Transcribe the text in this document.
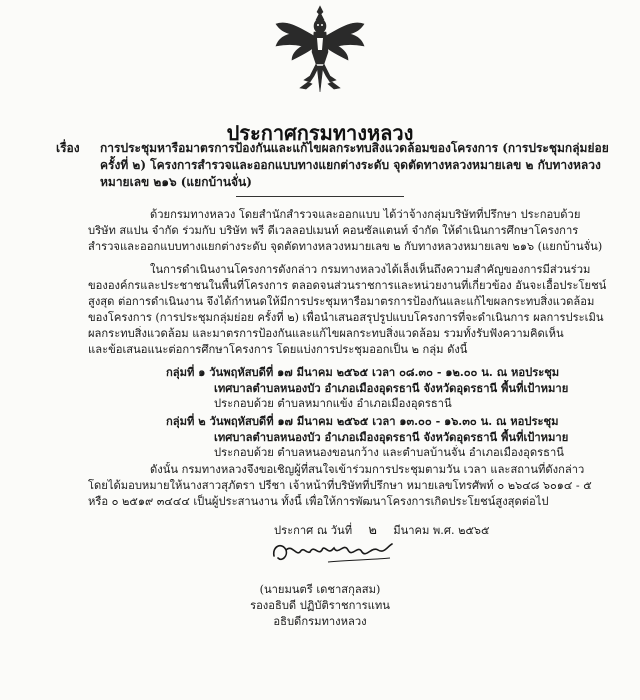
ประกาศกรมทางหลวง
เรื่อง การประชุมหารือมาตรการป้องกันและแก้ไขผลกระทบสิ่งแวดล้อมของโครงการ (การประชุมกลุ่มย่อย
ครั้งที่ ๒) โครงการสำรวจและออกแบบทางแยกต่างระดับ จุดตัดทางหลวงหมายเลข ๒ กับทางหลวง
หมายเลข ๒๑๖ (แยกบ้านจั่น)
ด้วยกรมทางหลวง โดยสำนักสำรวจและออกแบบ ได้ว่าจ้างกลุ่มบริษัทที่ปรึกษา ประกอบด้วย
บริษัท สแปน จำกัด ร่วมกับ บริษัท พรี ดีเวลลอปเมนท์ คอนซัลแตนท์ จำกัด ให้ดำเนินการศึกษาโครงการ
สำรวจและออกแบบทางแยกต่างระดับ จุดตัดทางหลวงหมายเลข ๒ กับทางหลวงหมายเลข ๒๑๖ (แยกบ้านจั่น)
ในการดำเนินงานโครงการดังกล่าว กรมทางหลวงได้เล็งเห็นถึงความสำคัญของการมีส่วนร่วม
ขององค์กรและประชาชนในพื้นที่โครงการ ตลอดจนส่วนราชการและหน่วยงานที่เกี่ยวข้อง อันจะเอื้อประโยชน์
สูงสุด ต่อการดำเนินงาน จึงได้กำหนดให้มีการประชุมหารือมาตรการป้องกันและแก้ไขผลกระทบสิ่งแวดล้อม
ของโครงการ (การประชุมกลุ่มย่อย ครั้งที่ ๒) เพื่อนำเสนอสรุปรูปแบบโครงการที่จะดำเนินการ ผลการประเมิน
ผลกระทบสิ่งแวดล้อม และมาตรการป้องกันและแก้ไขผลกระทบสิ่งแวดล้อม รวมทั้งรับฟังความคิดเห็น
และข้อเสนอแนะต่อการศึกษาโครงการ โดยแบ่งการประชุมออกเป็น ๒ กลุ่ม ดังนี้
กลุ่มที่ ๑ วันพฤหัสบดีที่ ๑๗ มีนาคม ๒๕๖๕ เวลา ๐๘.๓๐ - ๑๒.๐๐ น. ณ หอประชุม
เทศบาลตำบลหนองบัว อำเภอเมืองอุดรธานี จังหวัดอุดรธานี พื้นที่เป้าหมาย
ประกอบด้วย ตำบลหมากแข้ง อำเภอเมืองอุดรธานี
กลุ่มที่ ๒ วันพฤหัสบดีที่ ๑๗ มีนาคม ๒๕๖๕ เวลา ๑๓.๐๐ - ๑๖.๓๐ น. ณ หอประชุม
เทศบาลตำบลหนองบัว อำเภอเมืองอุดรธานี จังหวัดอุดรธานี พื้นที่เป้าหมาย
ประกอบด้วย ตำบลหนองขอนกว้าง และตำบลบ้านจั่น อำเภอเมืองอุดรธานี
ดังนั้น กรมทางหลวงจึงขอเชิญผู้ที่สนใจเข้าร่วมการประชุมตามวัน เวลา และสถานที่ดังกล่าว
โดยได้มอบหมายให้นางสาวสุภัตรา ปรีชา เจ้าหน้าที่บริษัทที่ปรึกษา หมายเลขโทรศัพท์ ๐ ๒๖๔๘ ๖๐๑๔ - ๕
หรือ ๐ ๒๕๑๙ ๓๔๔๔ เป็นผู้ประสานงาน ทั้งนี้ เพื่อให้การพัฒนาโครงการเกิดประโยชน์สูงสุดต่อไป
ประกาศ ณ วันที่ ๒ มีนาคม พ.ศ. ๒๕๖๕
(นายมนตรี เดชาสกุลสม)
รองอธิบดี ปฏิบัติราชการแทน
อธิบดีกรมทางหลวง
